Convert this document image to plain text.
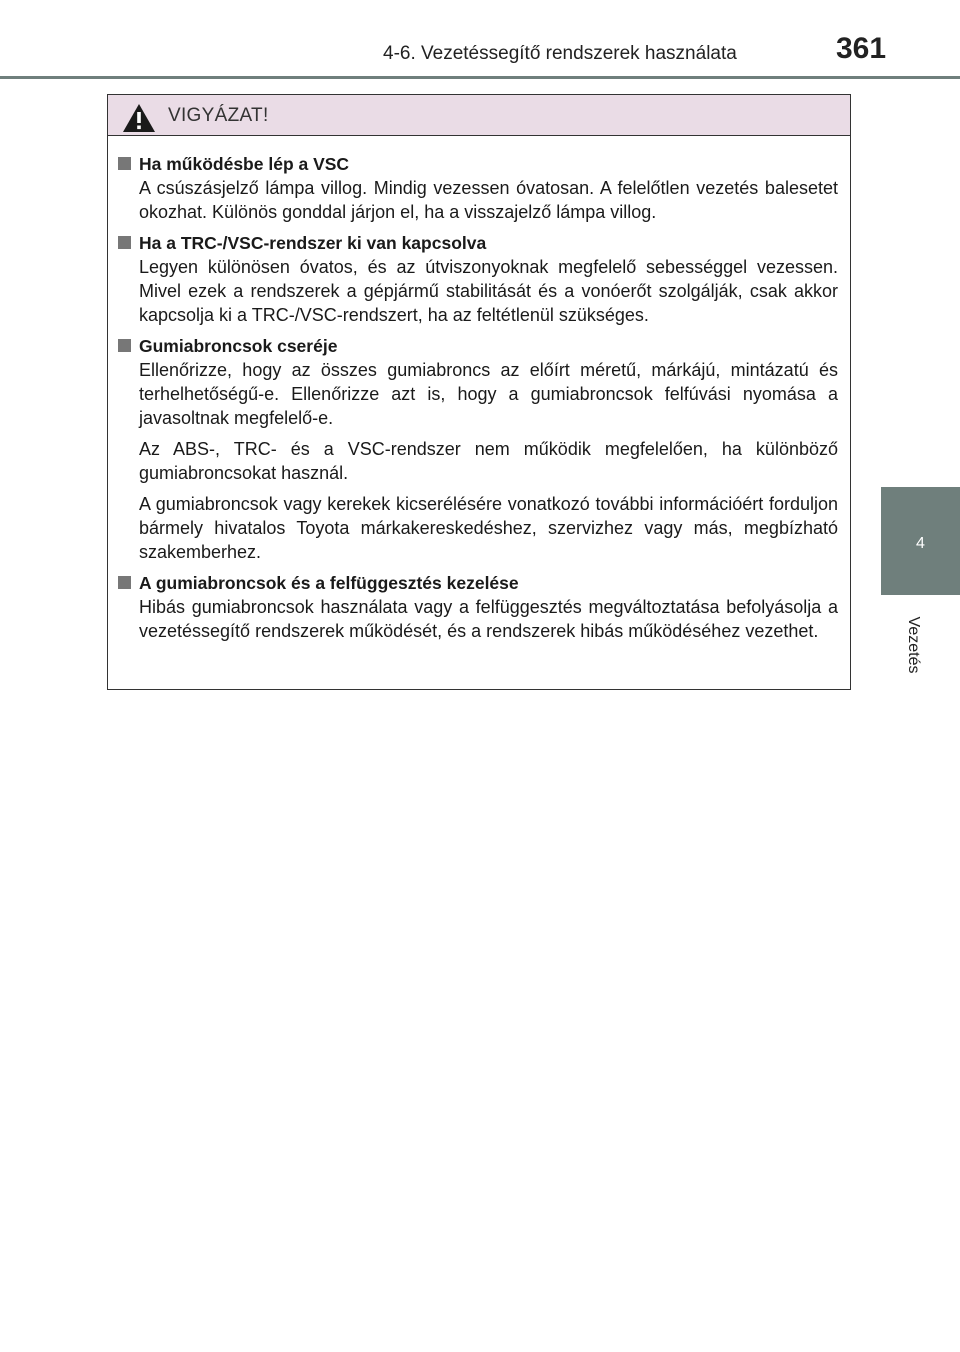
4-6. Vezetéssegítő rendszerek használata	361
4
Vezetés
VIGYÁZAT!
Ha működésbe lép a VSC
A csúszásjelző lámpa villog. Mindig vezessen óvatosan. A felelőtlen vezetés balesetet okozhat. Különös gonddal járjon el, ha a visszajelző lámpa villog.
Ha a TRC-/VSC-rendszer ki van kapcsolva
Legyen különösen óvatos, és az útviszonyoknak megfelelő sebességgel vezessen. Mivel ezek a rendszerek a gépjármű stabilitását és a vonóerőt szolgálják, csak akkor kapcsolja ki a TRC-/VSC-rendszert, ha az feltétlenül szükséges.
Gumiabroncsok cseréje
Ellenőrizze, hogy az összes gumiabroncs az előírt méretű, márkájú, mintázatú és terhelhetőségű-e. Ellenőrizze azt is, hogy a gumiabroncsok felfúvási nyomása a javasoltnak megfelelő-e.
Az ABS-, TRC- és a VSC-rendszer nem működik megfelelően, ha különböző gumiabroncsokat használ.
A gumiabroncsok vagy kerekek kicserélésére vonatkozó további információért forduljon bármely hivatalos Toyota márkakereskedéshez, szervizhez vagy más, megbízható szakemberhez.
A gumiabroncsok és a felfüggesztés kezelése
Hibás gumiabroncsok használata vagy a felfüggesztés megváltoztatása befolyásolja a vezetéssegítő rendszerek működését, és a rendszerek hibás működéséhez vezethet.
